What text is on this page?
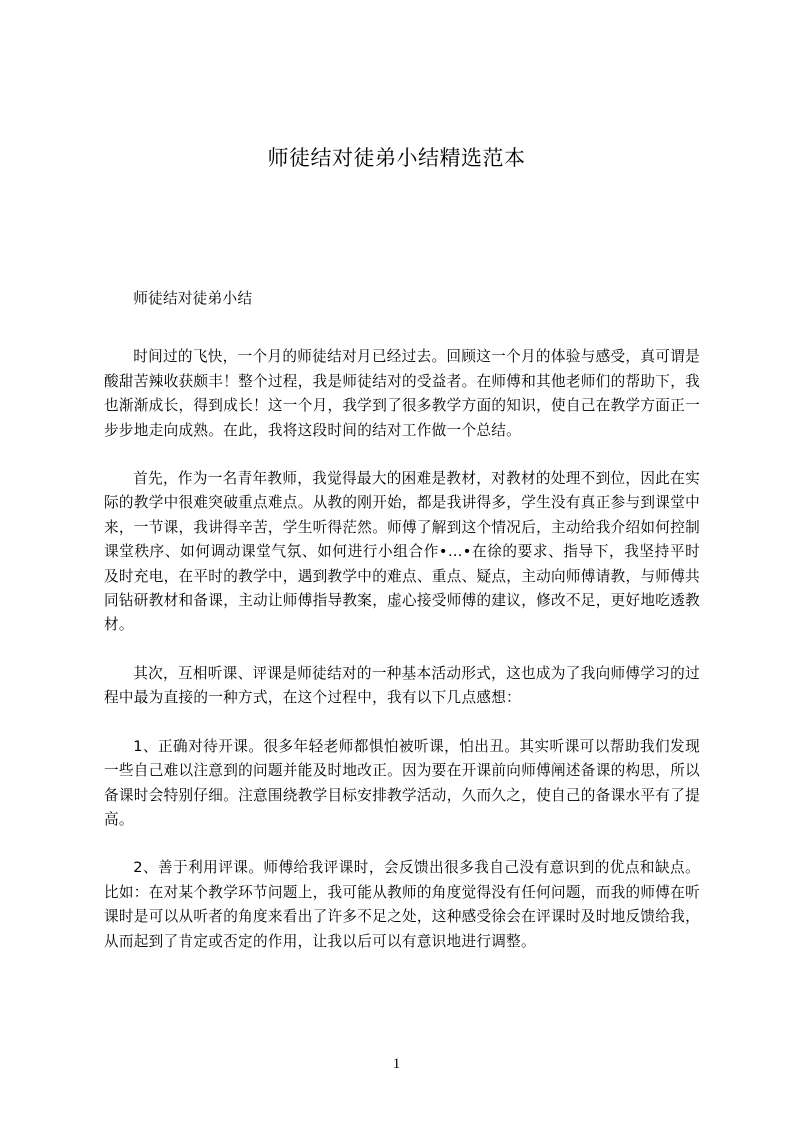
师徒结对徒弟小结精选范本

师徒结对徒弟小结

时间过的飞快，一个月的师徒结对月已经过去。回顾这一个月的体验与感受，真可谓是酸甜苦辣收获颇丰！整个过程，我是师徒结对的受益者。在师傅和其他老师们的帮助下，我也渐渐成长，得到成长！这一个月，我学到了很多教学方面的知识，使自己在教学方面正一步步地走向成熟。在此，我将这段时间的结对工作做一个总结。

首先，作为一名青年教师，我觉得最大的困难是教材，对教材的处理不到位，因此在实际的教学中很难突破重点难点。从教的刚开始，都是我讲得多，学生没有真正参与到课堂中来，一节课，我讲得辛苦，学生听得茫然。师傅了解到这个情况后，主动给我介绍如何控制课堂秩序、如何调动课堂气氛、如何进行小组合作•…•在徐的要求、指导下，我坚持平时及时充电，在平时的教学中，遇到教学中的难点、重点、疑点，主动向师傅请教，与师傅共同钻研教材和备课，主动让师傅指导教案，虚心接受师傅的建议，修改不足，更好地吃透教材。

其次，互相听课、评课是师徒结对的一种基本活动形式，这也成为了我向师傅学习的过程中最为直接的一种方式，在这个过程中，我有以下几点感想：

1、正确对待开课。很多年轻老师都惧怕被听课，怕出丑。其实听课可以帮助我们发现一些自己难以注意到的问题并能及时地改正。因为要在开课前向师傅阐述备课的构思，所以备课时会特别仔细。注意围绕教学目标安排教学活动，久而久之，使自己的备课水平有了提高。

2、善于利用评课。师傅给我评课时，会反馈出很多我自己没有意识到的优点和缺点。比如：在对某个教学环节问题上，我可能从教师的角度觉得没有任何问题，而我的师傅在听课时是可以从听者的角度来看出了许多不足之处，这种感受徐会在评课时及时地反馈给我，从而起到了肯定或否定的作用，让我以后可以有意识地进行调整。

1
